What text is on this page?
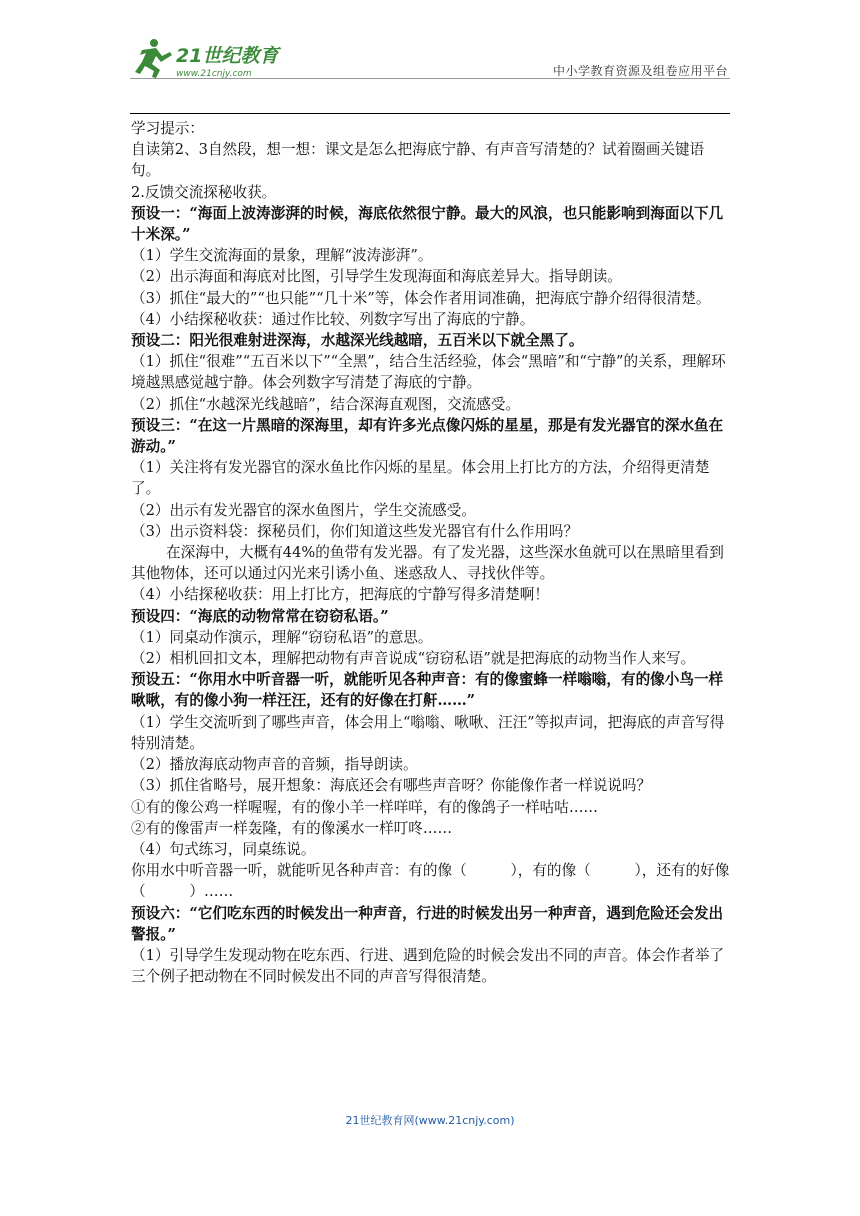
21世纪教育
www.21cnjy.com	中小学教育资源及组卷应用平台

学习提示：

自读第2、3自然段，想一想：课文是怎么把海底宁静、有声音写清楚的？试着圈画关键语句。

2.反馈交流探秘收获。

预设一：“海面上波涛澎湃的时候，海底依然很宁静。最大的风浪，也只能影响到海面以下几十米深。”

（1）学生交流海面的景象，理解“波涛澎湃”。

（2）出示海面和海底对比图，引导学生发现海面和海底差异大。指导朗读。

（3）抓住“最大的”“也只能”“几十米”等，体会作者用词准确，把海底宁静介绍得很清楚。

（4）小结探秘收获：通过作比较、列数字写出了海底的宁静。

预设二：阳光很难射进深海，水越深光线越暗，五百米以下就全黑了。

（1）抓住“很难”“五百米以下”“全黑”，结合生活经验，体会“黑暗”和“宁静”的关系，理解环境越黑感觉越宁静。体会列数字写清楚了海底的宁静。

（2）抓住“水越深光线越暗”，结合深海直观图，交流感受。

预设三：“在这一片黑暗的深海里，却有许多光点像闪烁的星星，那是有发光器官的深水鱼在游动。”

（1）关注将有发光器官的深水鱼比作闪烁的星星。体会用上打比方的方法，介绍得更清楚了。

（2）出示有发光器官的深水鱼图片，学生交流感受。

（3）出示资料袋：探秘员们，你们知道这些发光器官有什么作用吗？

在深海中，大概有44%的鱼带有发光器。有了发光器，这些深水鱼就可以在黑暗里看到其他物体，还可以通过闪光来引诱小鱼、迷惑敌人、寻找伙伴等。

（4）小结探秘收获：用上打比方，把海底的宁静写得多清楚啊！

预设四：“海底的动物常常在窃窃私语。”

（1）同桌动作演示，理解“窃窃私语”的意思。

（2）相机回扣文本，理解把动物有声音说成“窃窃私语”就是把海底的动物当作人来写。

预设五：“你用水中听音器一听，就能听见各种声音：有的像蜜蜂一样嗡嗡，有的像小鸟一样啾啾，有的像小狗一样汪汪，还有的好像在打鼾……”

（1）学生交流听到了哪些声音，体会用上“嗡嗡、啾啾、汪汪”等拟声词，把海底的声音写得特别清楚。

（2）播放海底动物声音的音频，指导朗读。

（3）抓住省略号，展开想象：海底还会有哪些声音呀？你能像作者一样说说吗？

①有的像公鸡一样喔喔，有的像小羊一样咩咩，有的像鸽子一样咕咕……

②有的像雷声一样轰隆，有的像溪水一样叮咚……

（4）句式练习，同桌练说。

你用水中听音器一听，就能听见各种声音：有的像（　　　），有的像（　　　），还有的好像（　　　）……

预设六：“它们吃东西的时候发出一种声音，行进的时候发出另一种声音，遇到危险还会发出警报。”

（1）引导学生发现动物在吃东西、行进、遇到危险的时候会发出不同的声音。体会作者举了三个例子把动物在不同时候发出不同的声音写得很清楚。

21世纪教育网(www.21cnjy.com)
